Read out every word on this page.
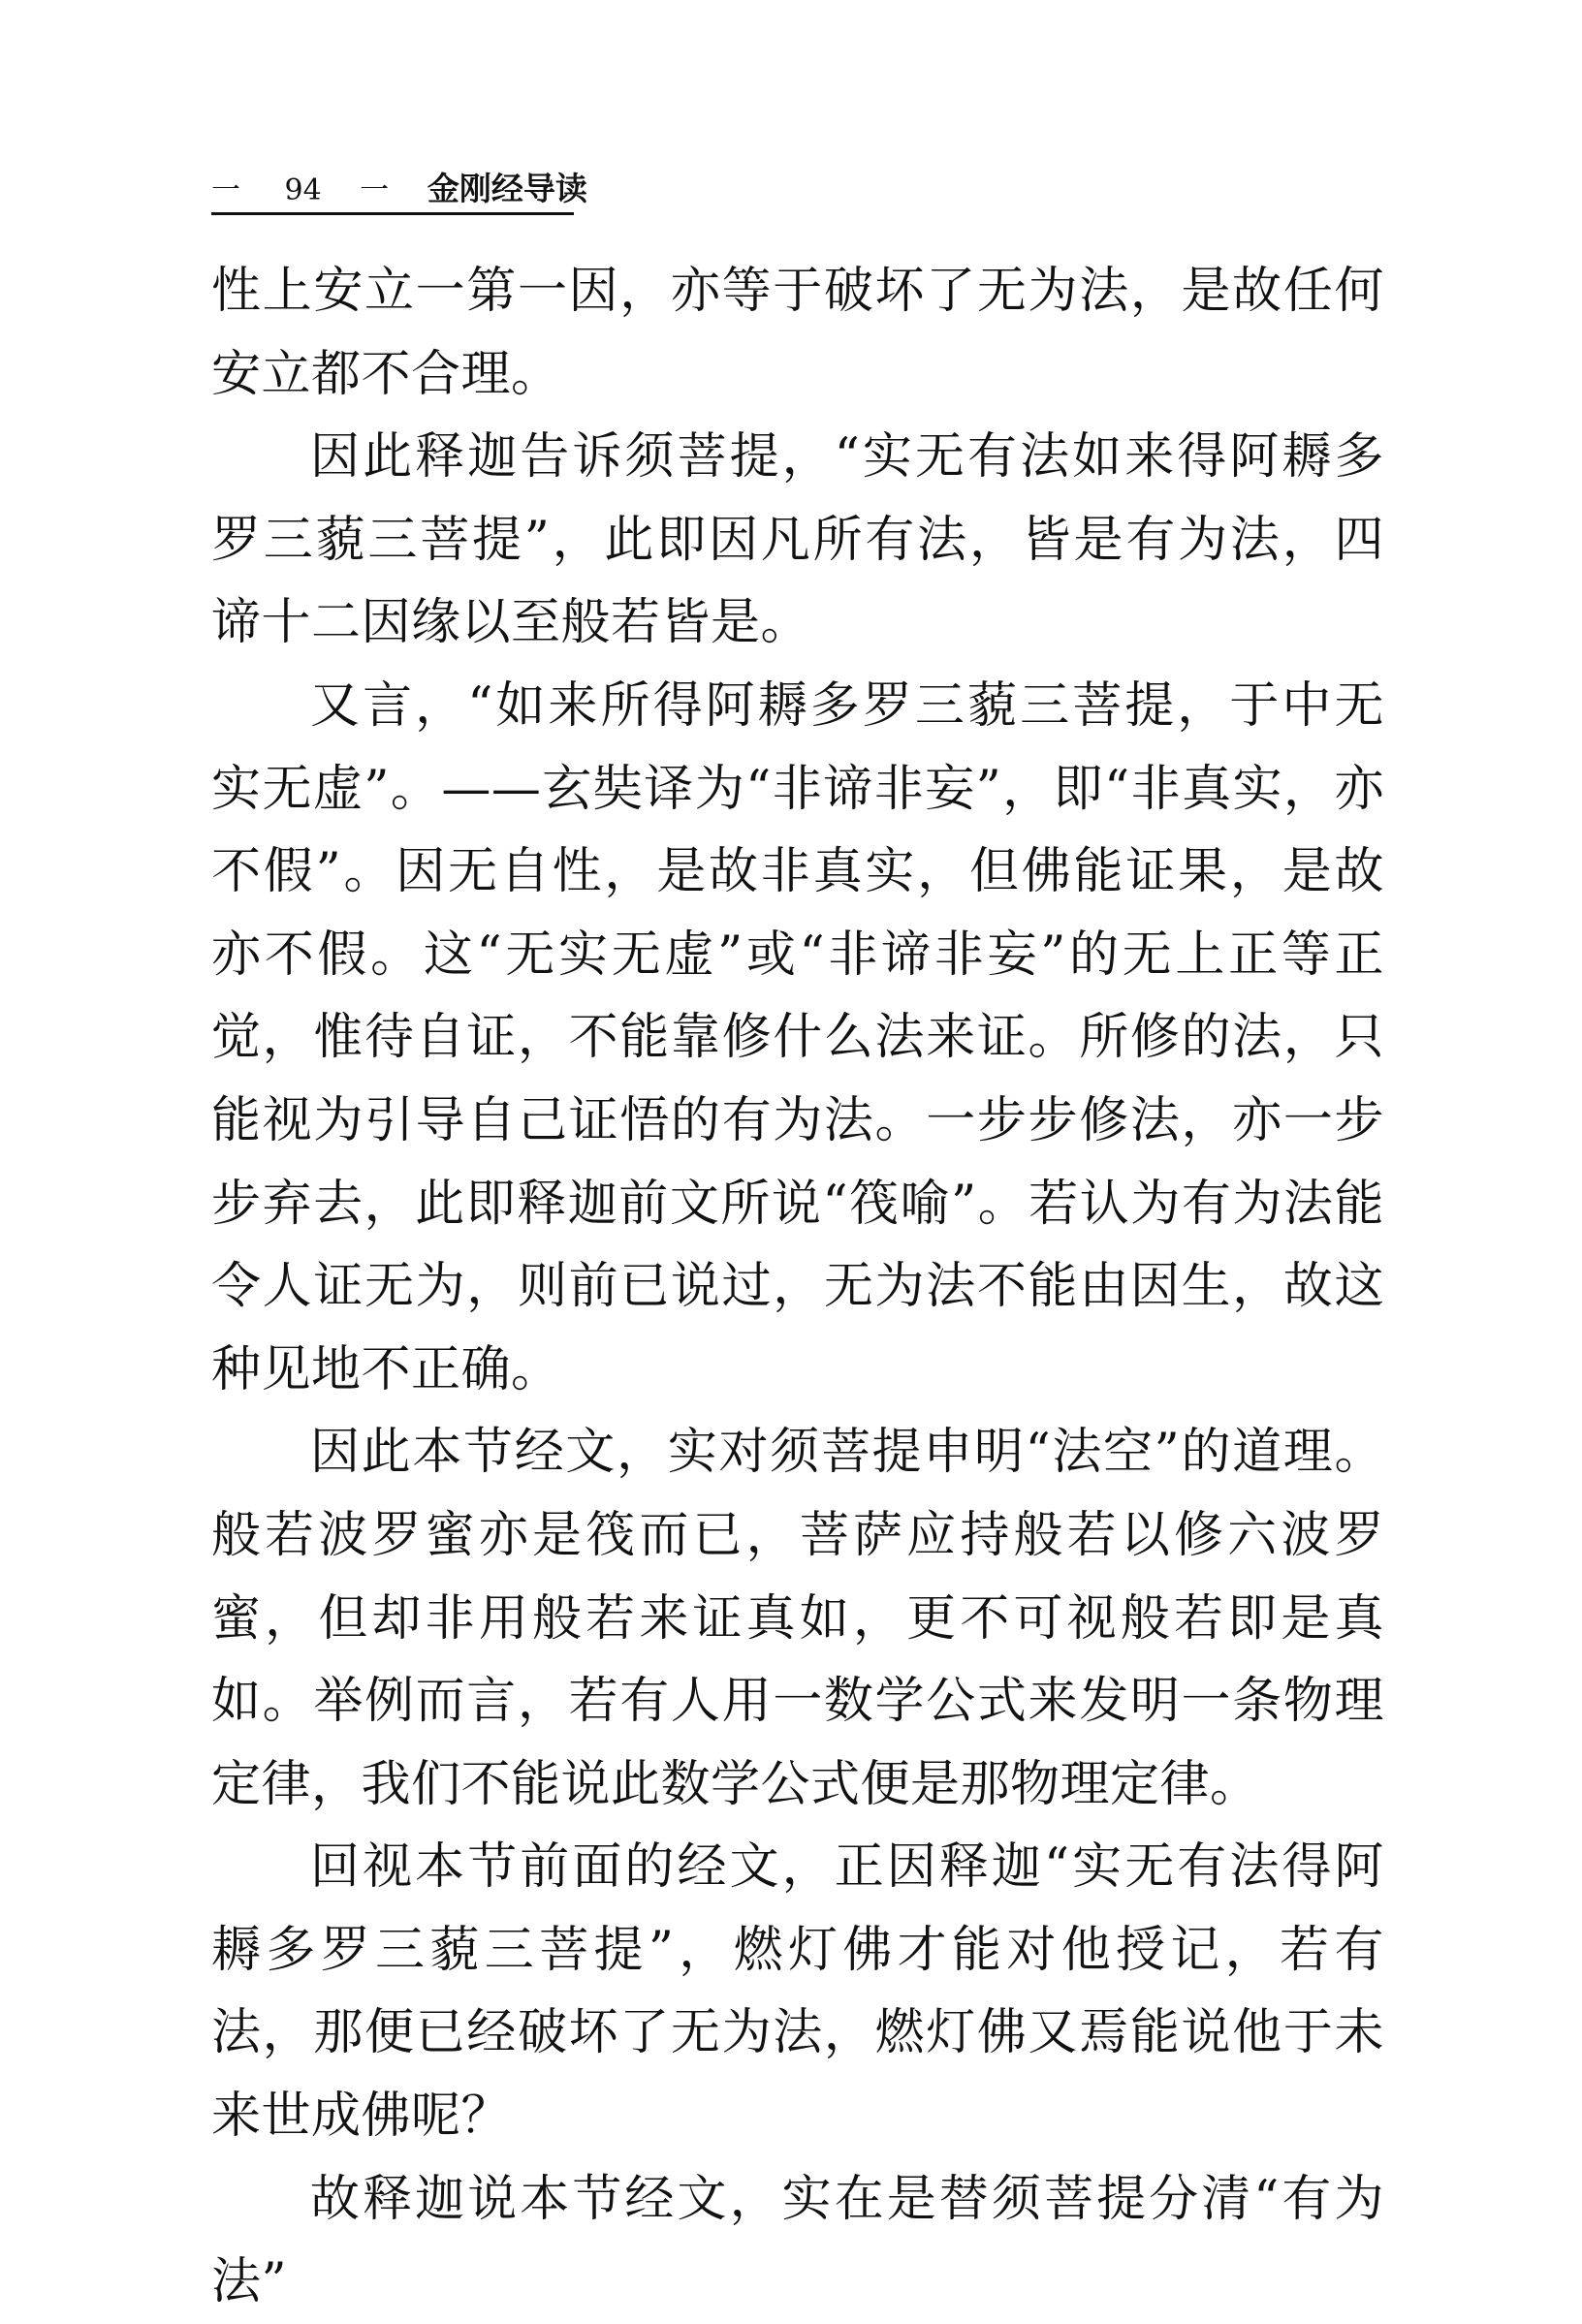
一 94 一 金刚经导读

性上安立一第一因，亦等于破坏了无为法，是故任何安立都不合理。

因此释迦告诉须菩提，“实无有法如来得阿耨多罗三藐三菩提”，此即因凡所有法，皆是有为法，四谛十二因缘以至般若皆是。

又言，“如来所得阿耨多罗三藐三菩提，于中无实无虚”。——玄奘译为“非谛非妄”，即“非真实，亦不假”。因无自性，是故非真实，但佛能证果，是故亦不假。这“无实无虚”或“非谛非妄”的无上正等正觉，惟待自证，不能靠修什么法来证。所修的法，只能视为引导自己证悟的有为法。一步步修法，亦一步步弃去，此即释迦前文所说“筏喻”。若认为有为法能令人证无为，则前已说过，无为法不能由因生，故这种见地不正确。

因此本节经文，实对须菩提申明“法空”的道理。般若波罗蜜亦是筏而已，菩萨应持般若以修六波罗蜜，但却非用般若来证真如，更不可视般若即是真如。举例而言，若有人用一数学公式来发明一条物理定律，我们不能说此数学公式便是那物理定律。

回视本节前面的经文，正因释迦“实无有法得阿耨多罗三藐三菩提”，燃灯佛才能对他授记，若有法，那便已经破坏了无为法，燃灯佛又焉能说他于未来世成佛呢？

故释迦说本节经文，实在是替须菩提分清“有为法”
